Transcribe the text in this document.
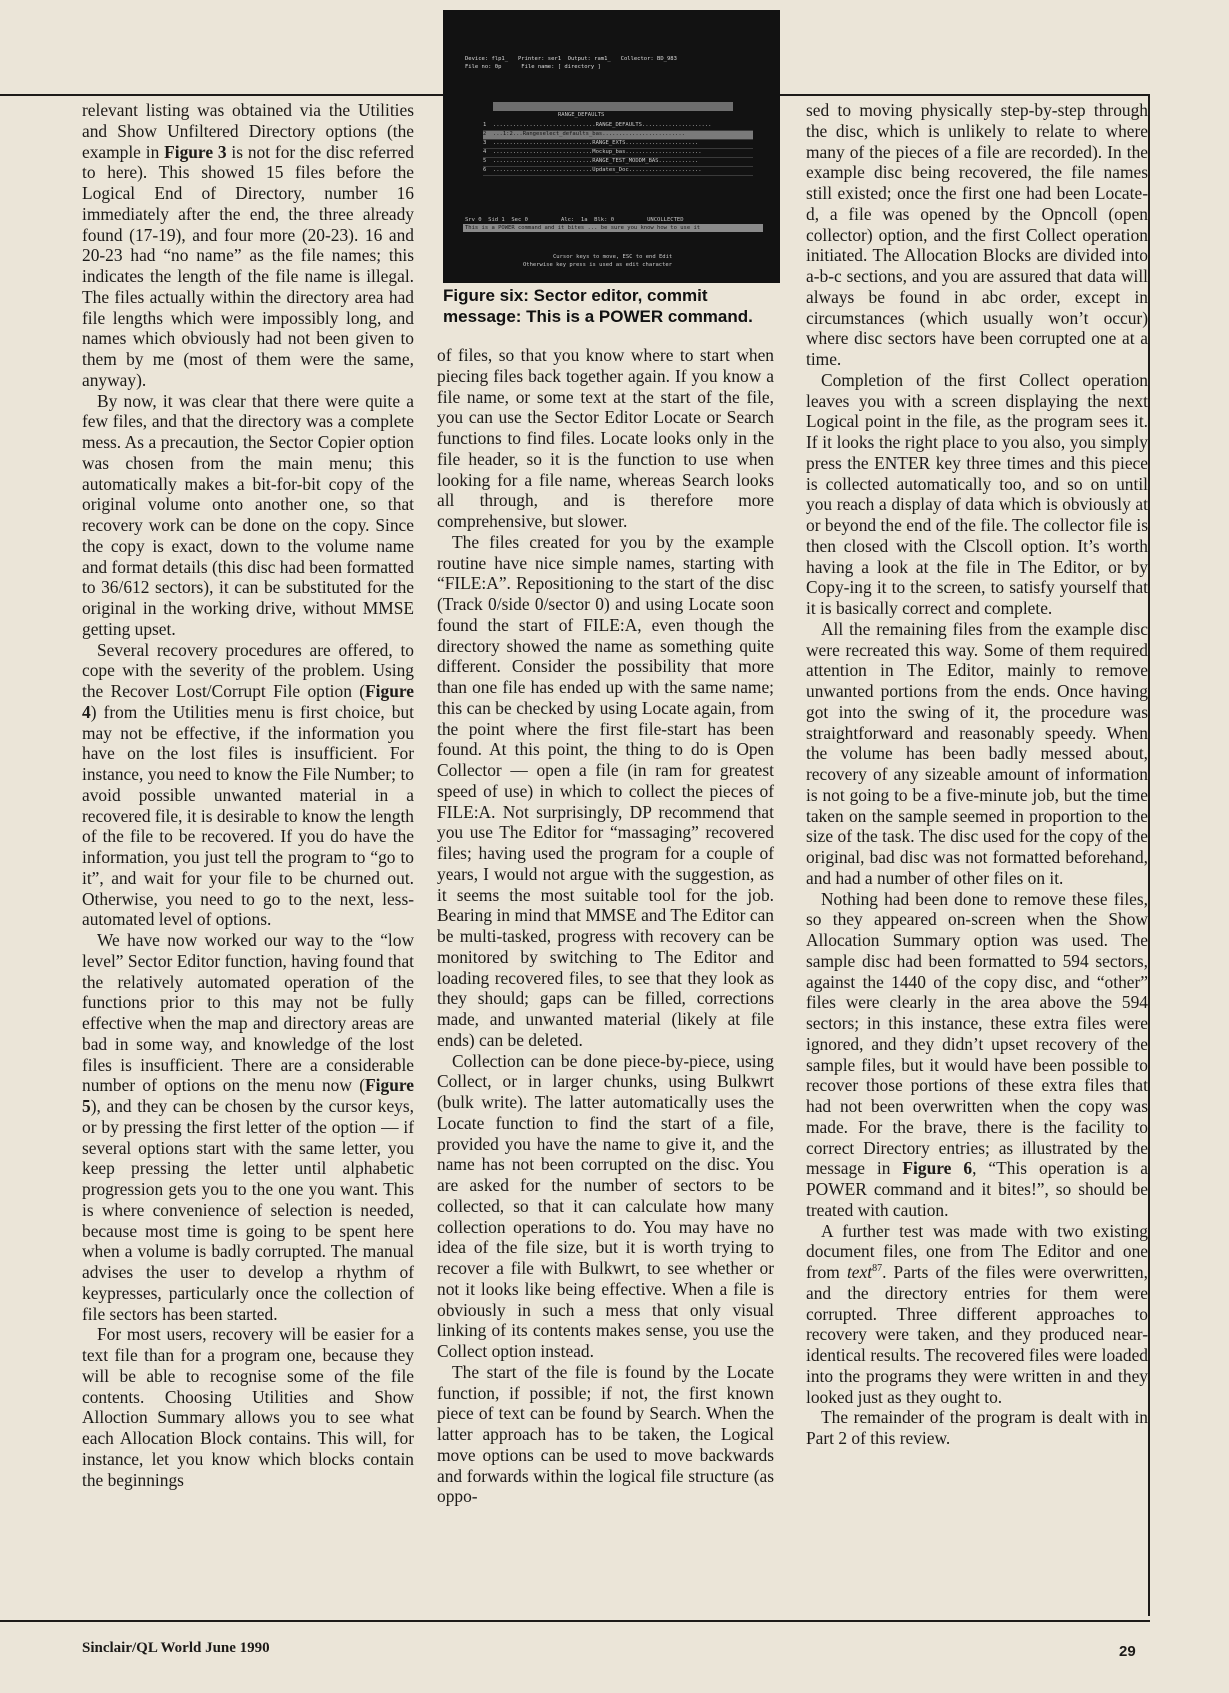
Device: flp1_   Printer: ser1  Output: ram1_   Collector: BD_983
File no: 0p      File name: [ directory ]
RANGE_DEFAULTS
1  ...............................RANGE_DEFAULTS.....................
2  ...1:2...Rangeselect_defaults_bas.........................
3  ..............................RANGE_EXTS......................
4  ..............................Mockup_bas.......................
5  ..............................RANGE_TEST_MODDM_BAS............
6  ..............................Updates_Doc......................
Srv 0  Sid 1  Sec 0          Alc:  1a  Blk: 0          UNCOLLECTED
This is a POWER command and it bites ... be sure you know how to use it
Cursor keys to move, ESC to end Edit
Otherwise key press is used as edit character
Figure six: Sector editor, commit message: This is a POWER command.

relevant listing was obtained via the Utilities and Show Unfiltered Directory options (the example in Figure 3 is not for the disc referred to here). This showed 15 files before the Logical End of Directory, number 16 immediately after the end, the three already found (17-19), and four more (20-23). 16 and 20-23 had “no name” as the file names; this indicates the length of the file name is illegal. The files actually within the directory area had file lengths which were impossibly long, and names which obviously had not been given to them by me (most of them were the same, anyway).

By now, it was clear that there were quite a few files, and that the directory was a complete mess. As a precaution, the Sector Copier option was chosen from the main menu; this automatically makes a bit-for-bit copy of the original volume onto another one, so that recovery work can be done on the copy. Since the copy is exact, down to the volume name and format details (this disc had been formatted to 36/612 sectors), it can be substituted for the original in the working drive, without MMSE getting upset.

Several recovery procedures are offered, to cope with the severity of the problem. Using the Recover Lost/Corrupt File option (Figure 4) from the Utilities menu is first choice, but may not be effective, if the information you have on the lost files is insufficient. For instance, you need to know the File Number; to avoid possible unwanted material in a recovered file, it is desirable to know the length of the file to be recovered. If you do have the information, you just tell the program to “go to it”, and wait for your file to be churned out. Otherwise, you need to go to the next, less-automated level of options.

We have now worked our way to the “low level” Sector Editor function, having found that the relatively automated operation of the functions prior to this may not be fully effective when the map and directory areas are bad in some way, and knowledge of the lost files is insufficient. There are a considerable number of options on the menu now (Figure 5), and they can be chosen by the cursor keys, or by pressing the first letter of the option — if several options start with the same letter, you keep pressing the letter until alphabetic progression gets you to the one you want. This is where convenience of selection is needed, because most time is going to be spent here when a volume is badly corrupted. The manual advises the user to develop a rhythm of keypresses, particularly once the collection of file sectors has been started.

For most users, recovery will be easier for a text file than for a program one, because they will be able to recognise some of the file contents. Choosing Utilities and Show Alloction Summary allows you to see what each Allocation Block contains. This will, for instance, let you know which blocks contain the beginnings

of files, so that you know where to start when piecing files back together again. If you know a file name, or some text at the start of the file, you can use the Sector Editor Locate or Search functions to find files. Locate looks only in the file header, so it is the function to use when looking for a file name, whereas Search looks all through, and is therefore more comprehensive, but slower.

The files created for you by the example routine have nice simple names, starting with “FILE:A”. Repositioning to the start of the disc (Track 0/side 0/sector 0) and using Locate soon found the start of FILE:A, even though the directory showed the name as something quite different. Consider the possibility that more than one file has ended up with the same name; this can be checked by using Locate again, from the point where the first file-start has been found. At this point, the thing to do is Open Collector — open a file (in ram for greatest speed of use) in which to collect the pieces of FILE:A. Not surprisingly, DP recommend that you use The Editor for “massaging” recovered files; having used the program for a couple of years, I would not argue with the suggestion, as it seems the most suitable tool for the job. Bearing in mind that MMSE and The Editor can be multi-tasked, progress with recovery can be monitored by switching to The Editor and loading recovered files, to see that they look as they should; gaps can be filled, corrections made, and unwanted material (likely at file ends) can be deleted.

Collection can be done piece-by-piece, using Collect, or in larger chunks, using Bulkwrt (bulk write). The latter automatically uses the Locate function to find the start of a file, provided you have the name to give it, and the name has not been corrupted on the disc. You are asked for the number of sectors to be collected, so that it can calculate how many collection operations to do. You may have no idea of the file size, but it is worth trying to recover a file with Bulkwrt, to see whether or not it looks like being effective. When a file is obviously in such a mess that only visual linking of its contents makes sense, you use the Collect option instead.

The start of the file is found by the Locate function, if possible; if not, the first known piece of text can be found by Search. When the latter approach has to be taken, the Logical move options can be used to move backwards and forwards within the logical file structure (as oppo-

sed to moving physically step-by-step through the disc, which is unlikely to relate to where many of the pieces of a file are recorded). In the example disc being recovered, the file names still existed; once the first one had been Locate-d, a file was opened by the Opncoll (open collector) option, and the first Collect operation initiated. The Allocation Blocks are divided into a-b-c sections, and you are assured that data will always be found in abc order, except in circumstances (which usually won’t occur) where disc sectors have been corrupted one at a time.

Completion of the first Collect operation leaves you with a screen displaying the next Logical point in the file, as the program sees it. If it looks the right place to you also, you simply press the ENTER key three times and this piece is collected automatically too, and so on until you reach a display of data which is obviously at or beyond the end of the file. The collector file is then closed with the Clscoll option. It’s worth having a look at the file in The Editor, or by Copy-ing it to the screen, to satisfy yourself that it is basically correct and complete.

All the remaining files from the example disc were recreated this way. Some of them required attention in The Editor, mainly to remove unwanted portions from the ends. Once having got into the swing of it, the procedure was straightforward and reasonably speedy. When the volume has been badly messed about, recovery of any sizeable amount of information is not going to be a five-minute job, but the time taken on the sample seemed in proportion to the size of the task. The disc used for the copy of the original, bad disc was not formatted beforehand, and had a number of other files on it.

Nothing had been done to remove these files, so they appeared on-screen when the Show Allocation Summary option was used. The sample disc had been formatted to 594 sectors, against the 1440 of the copy disc, and “other” files were clearly in the area above the 594 sectors; in this instance, these extra files were ignored, and they didn’t upset recovery of the sample files, but it would have been possible to recover those portions of these extra files that had not been overwritten when the copy was made. For the brave, there is the facility to correct Directory entries; as illustrated by the message in Figure 6, “This operation is a POWER command and it bites!”, so should be treated with caution.

A further test was made with two existing document files, one from The Editor and one from text$^{87}$. Parts of the files were overwritten, and the directory entries for them were corrupted. Three different approaches to recovery were taken, and they produced near-identical results. The recovered files were loaded into the programs they were written in and they looked just as they ought to.

The remainder of the program is dealt with in Part 2 of this review.

Sinclair/QL World June 1990	29
